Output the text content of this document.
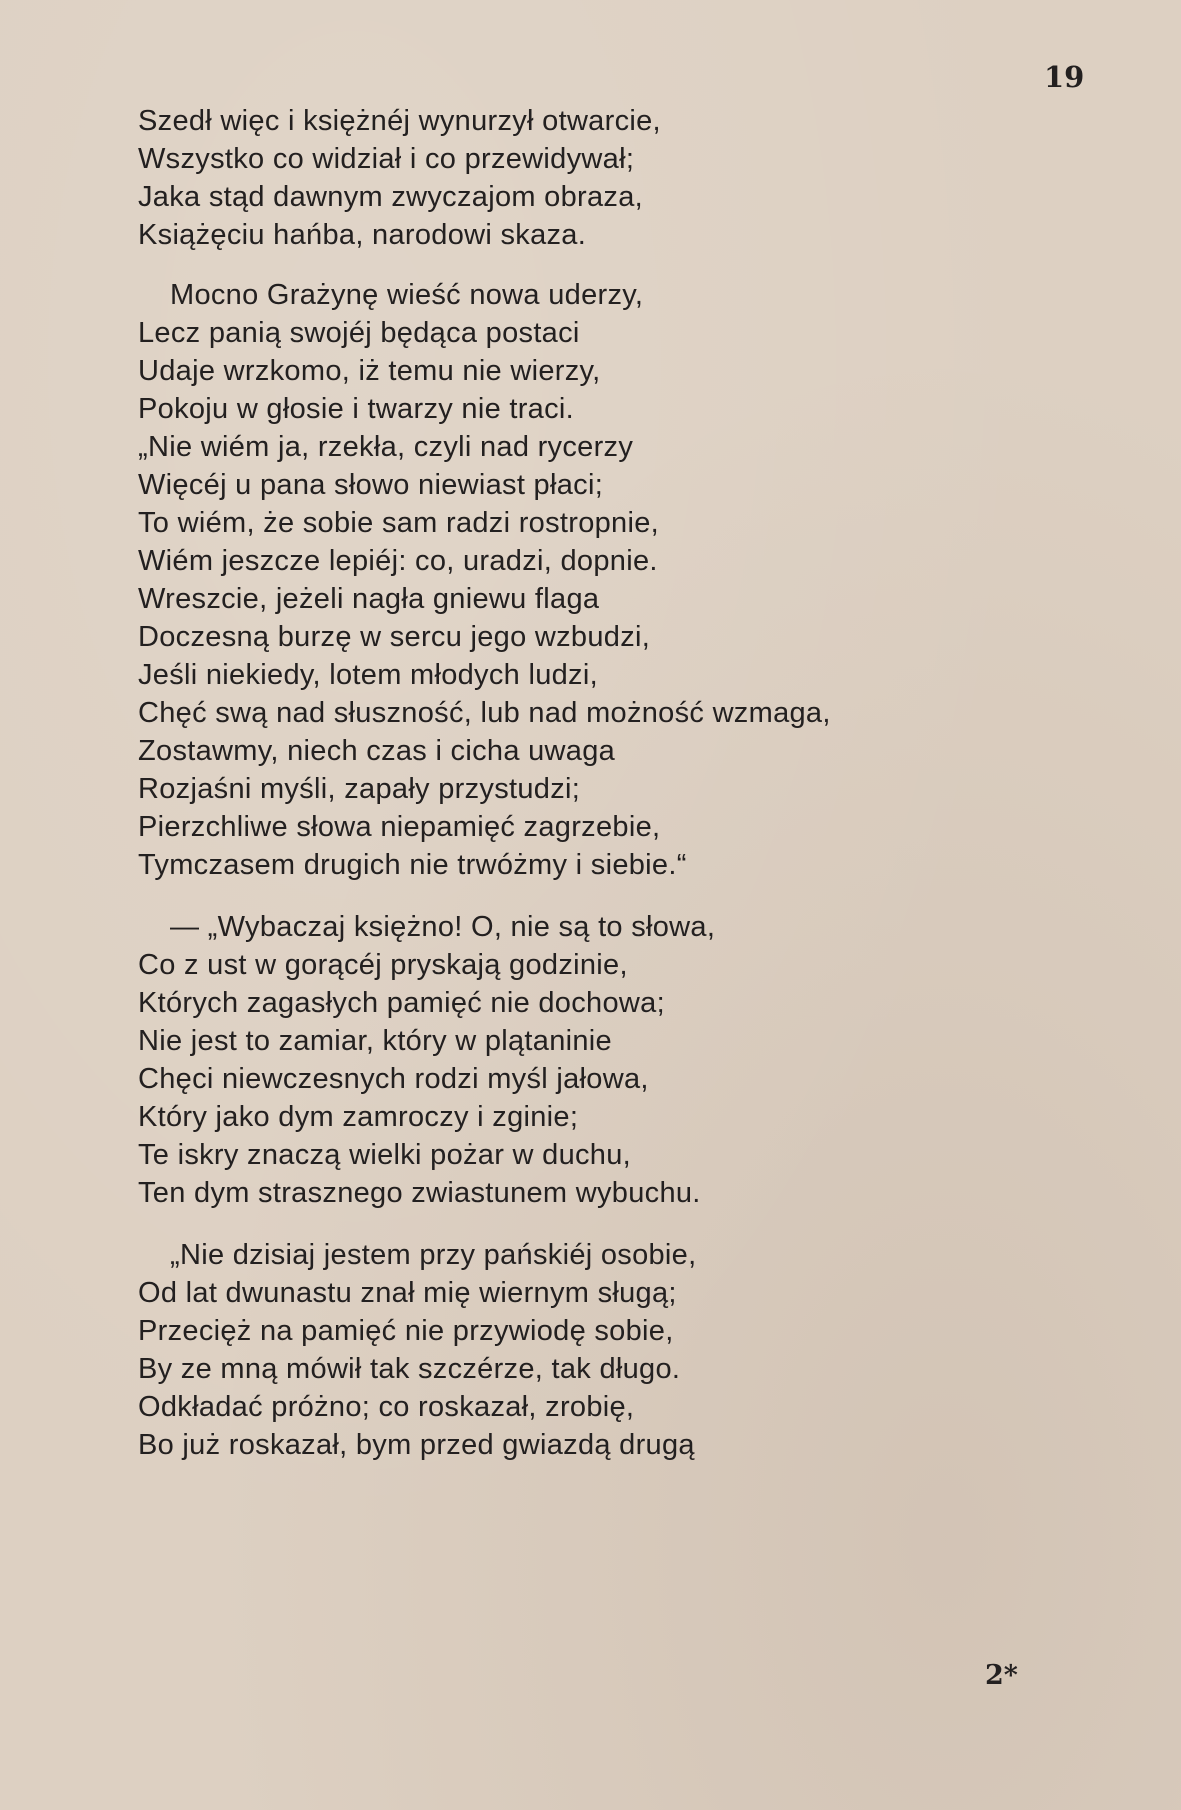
19
Szedł więc i księżnéj wynurzył otwarcie,
Wszystko co widział i co przewidywał;
Jaka stąd dawnym zwyczajom obraza,
Książęciu hańba, narodowi skaza.
Mocno Grażynę wieść nowa uderzy,
Lecz panią swojéj będąca postaci
Udaje wrzkomo, iż temu nie wierzy,
Pokoju w głosie i twarzy nie traci.
„Nie wiém ja, rzekła, czyli nad rycerzy
Więcéj u pana słowo niewiast płaci;
To wiém, że sobie sam radzi rostropnie,
Wiém jeszcze lepiéj: co, uradzi, dopnie.
Wreszcie, jeżeli nagła gniewu flaga
Doczesną burzę w sercu jego wzbudzi,
Jeśli niekiedy, lotem młodych ludzi,
Chęć swą nad słuszność, lub nad możność wzmaga,
Zostawmy, niech czas i cicha uwaga
Rozjaśni myśli, zapały przystudzi;
Pierzchliwe słowa niepamięć zagrzebie,
Tymczasem drugich nie trwóżmy i siebie.“
— „Wybaczaj księżno! O, nie są to słowa,
Co z ust w gorącéj pryskają godzinie,
Których zagasłych pamięć nie dochowa;
Nie jest to zamiar, który w plątaninie
Chęci niewczesnych rodzi myśl jałowa,
Który jako dym zamroczy i zginie;
Te iskry znaczą wielki pożar w duchu,
Ten dym strasznego zwiastunem wybuchu.
„Nie dzisiaj jestem przy pańskiéj osobie,
Od lat dwunastu znał mię wiernym sługą;
Przecięż na pamięć nie przywiodę sobie,
By ze mną mówił tak szczérze, tak długo.
Odkładać próżno; co roskazał, zrobię,
Bo już roskazał, bym przed gwiazdą drugą
2*
